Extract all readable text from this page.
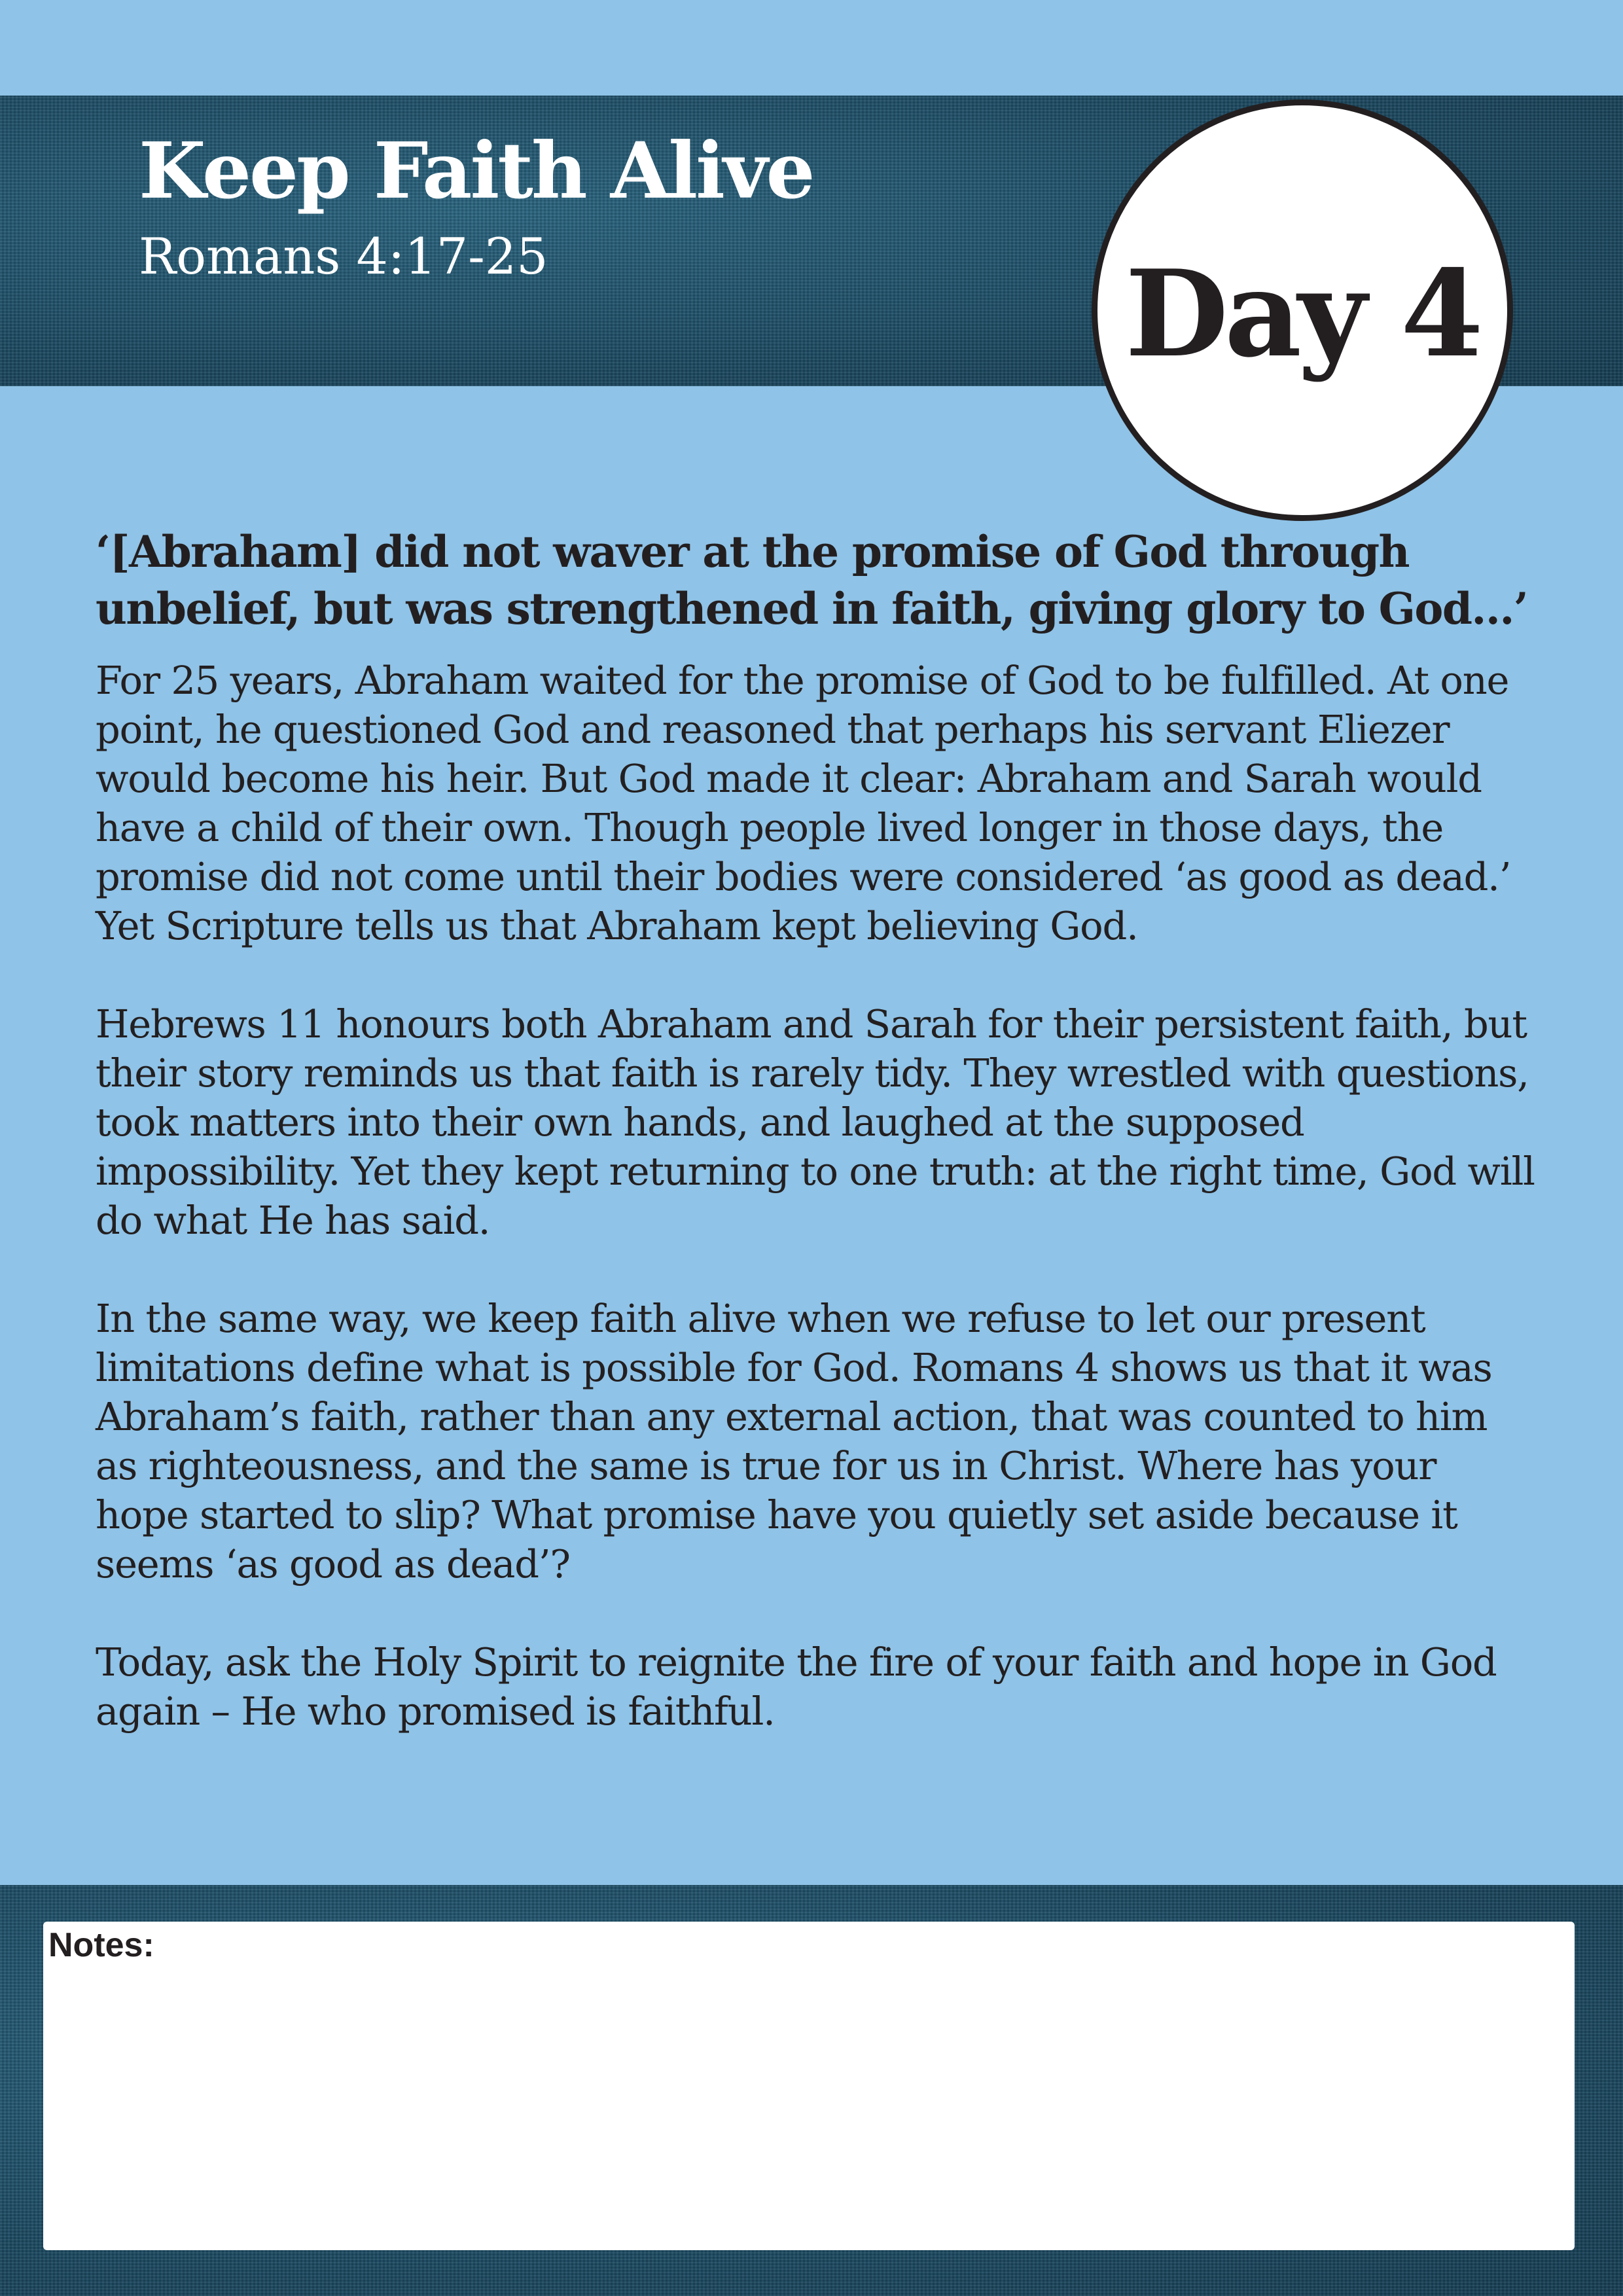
Keep Faith Alive

Romans 4:17-25	Day 4

‘[Abraham] did not waver at the promise of God through unbelief, but was strengthened in faith, giving glory to God…’

For 25 years, Abraham waited for the promise of God to be fulfilled. At one point, he questioned God and reasoned that perhaps his servant Eliezer would become his heir. But God made it clear: Abraham and Sarah would have a child of their own. Though people lived longer in those days, the promise did not come until their bodies were considered ‘as good as dead.’ Yet Scripture tells us that Abraham kept believing God.

Hebrews 11 honours both Abraham and Sarah for their persistent faith, but their story reminds us that faith is rarely tidy. They wrestled with questions, took matters into their own hands, and laughed at the supposed impossibility. Yet they kept returning to one truth: at the right time, God will do what He has said.

In the same way, we keep faith alive when we refuse to let our present limitations define what is possible for God. Romans 4 shows us that it was Abraham’s faith, rather than any external action, that was counted to him as righteousness, and the same is true for us in Christ. Where has your hope started to slip? What promise have you quietly set aside because it seems ‘as good as dead’?

Today, ask the Holy Spirit to reignite the fire of your faith and hope in God again – He who promised is faithful.

Notes:
